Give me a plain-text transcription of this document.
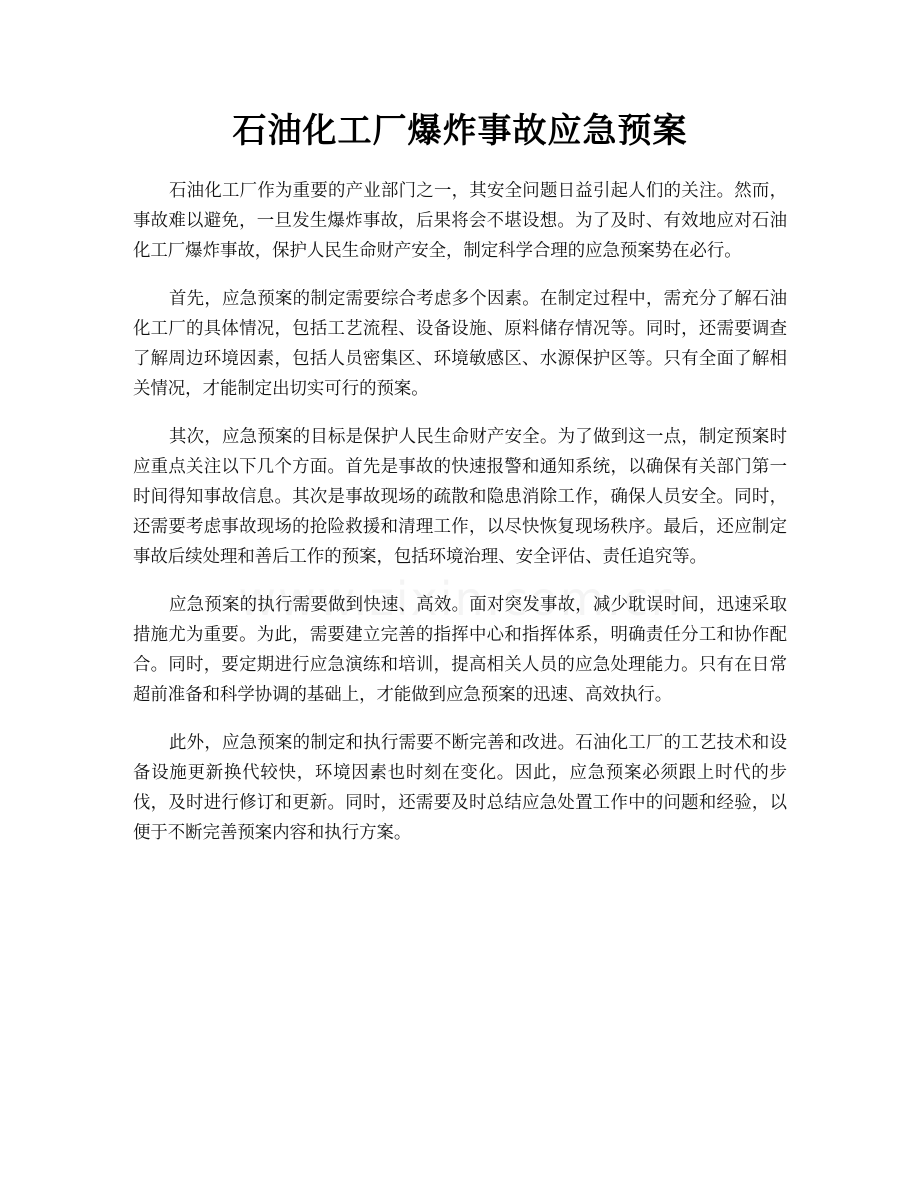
石油化工厂爆炸事故应急预案

石油化工厂作为重要的产业部门之一，其安全问题日益引起人们的关注。然而，事故难以避免，一旦发生爆炸事故，后果将会不堪设想。为了及时、有效地应对石油化工厂爆炸事故，保护人民生命财产安全，制定科学合理的应急预案势在必行。

首先，应急预案的制定需要综合考虑多个因素。在制定过程中，需充分了解石油化工厂的具体情况，包括工艺流程、设备设施、原料储存情况等。同时，还需要调查了解周边环境因素，包括人员密集区、环境敏感区、水源保护区等。只有全面了解相关情况，才能制定出切实可行的预案。

其次，应急预案的目标是保护人民生命财产安全。为了做到这一点，制定预案时应重点关注以下几个方面。首先是事故的快速报警和通知系统，以确保有关部门第一时间得知事故信息。其次是事故现场的疏散和隐患消除工作，确保人员安全。同时，还需要考虑事故现场的抢险救援和清理工作，以尽快恢复现场秩序。最后，还应制定事故后续处理和善后工作的预案，包括环境治理、安全评估、责任追究等。

应急预案的执行需要做到快速、高效。面对突发事故，减少耽误时间，迅速采取措施尤为重要。为此，需要建立完善的指挥中心和指挥体系，明确责任分工和协作配合。同时，要定期进行应急演练和培训，提高相关人员的应急处理能力。只有在日常超前准备和科学协调的基础上，才能做到应急预案的迅速、高效执行。

此外，应急预案的制定和执行需要不断完善和改进。石油化工厂的工艺技术和设备设施更新换代较快，环境因素也时刻在变化。因此，应急预案必须跟上时代的步伐，及时进行修订和更新。同时，还需要及时总结应急处置工作中的问题和经验，以便于不断完善预案内容和执行方案。
